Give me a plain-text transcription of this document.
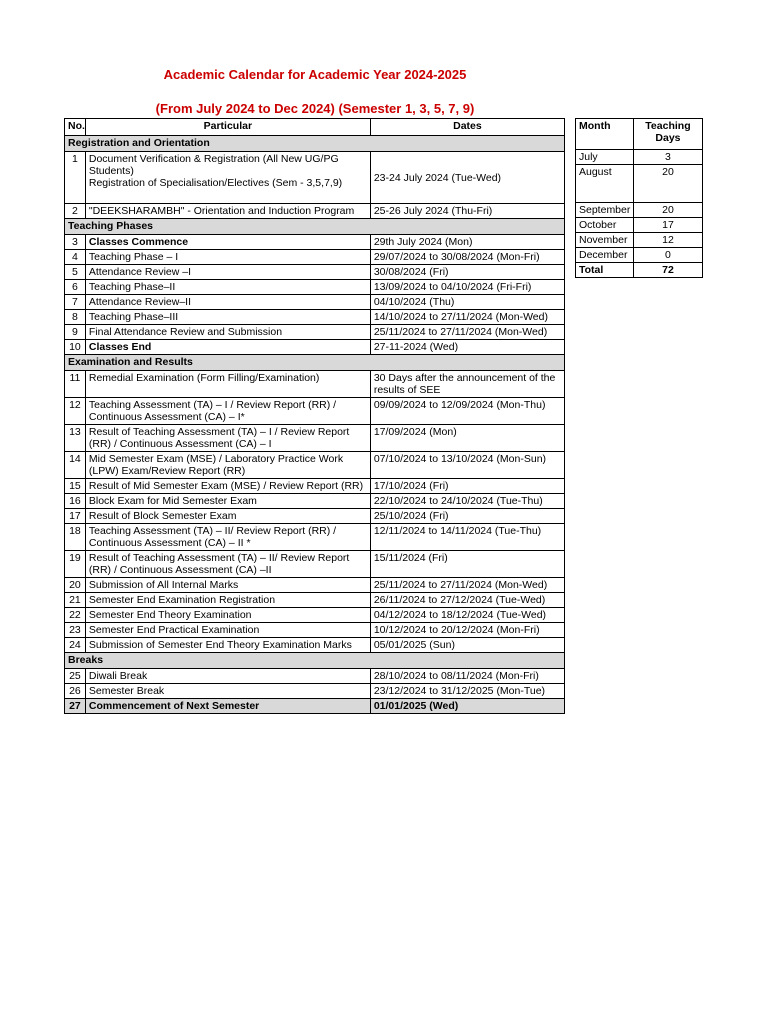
Academic Calendar for Academic Year 2024-2025
(From July 2024 to Dec 2024) (Semester 1, 3, 5, 7, 9)
No.	Particular	Dates
Registration and Orientation		
1	Document Verification & Registration (All New UG/PG Students)
Registration of Specialisation/Electives (Sem - 3,5,7,9)	23-24 July 2024 (Tue-Wed)
2	"DEEKSHARAMBH" - Orientation and Induction Program	25-26 July 2024 (Thu-Fri)
Teaching Phases		
3	Classes Commence	29th July 2024 (Mon)
4	Teaching Phase – I	29/07/2024 to 30/08/2024 (Mon-Fri)
5	Attendance Review –I	30/08/2024 (Fri)
6	Teaching Phase–II	13/09/2024 to 04/10/2024 (Fri-Fri)
7	Attendance Review–II	04/10/2024 (Thu)
8	Teaching Phase–III	14/10/2024 to 27/11/2024 (Mon-Wed)
9	Final Attendance Review and Submission	25/11/2024 to 27/11/2024 (Mon-Wed)
10	Classes End	27-11-2024 (Wed)
Examination and Results		
11	Remedial Examination (Form Filling/Examination)	30 Days after the announcement of the results of SEE
12	Teaching Assessment (TA) – I / Review Report (RR) / Continuous Assessment (CA) – I*	09/09/2024 to 12/09/2024 (Mon-Thu)
13	Result of Teaching Assessment (TA) – I / Review Report (RR) / Continuous Assessment (CA) – I	17/09/2024 (Mon)
14	Mid Semester Exam (MSE) / Laboratory Practice Work (LPW) Exam/Review Report (RR)	07/10/2024 to 13/10/2024 (Mon-Sun)
15	Result of Mid Semester Exam (MSE) / Review Report (RR)	17/10/2024 (Fri)
16	Block Exam for Mid Semester Exam	22/10/2024 to 24/10/2024 (Tue-Thu)
17	Result of Block Semester Exam	25/10/2024 (Fri)
18	Teaching Assessment (TA) – II/ Review Report (RR) / Continuous Assessment (CA) – II *	12/11/2024 to 14/11/2024 (Tue-Thu)
19	Result of Teaching Assessment (TA) – II/ Review Report (RR) / Continuous Assessment (CA) –II	15/11/2024 (Fri)
20	Submission of All Internal Marks	25/11/2024 to 27/11/2024 (Mon-Wed)
21	Semester End Examination Registration	26/11/2024 to 27/12/2024 (Tue-Wed)
22	Semester End Theory Examination	04/12/2024 to 18/12/2024 (Tue-Wed)
23	Semester End Practical Examination	10/12/2024 to 20/12/2024 (Mon-Fri)
24	Submission of Semester End Theory Examination Marks	05/01/2025 (Sun)
Breaks		
25	Diwali Break	28/10/2024 to 08/11/2024 (Mon-Fri)
26	Semester Break	23/12/2024 to 31/12/2025 (Mon-Tue)
27	Commencement of Next Semester	01/01/2025 (Wed)
Month	Teaching Days
July	3
August	20
September	20
October	17
November	12
December	0
Total	72
